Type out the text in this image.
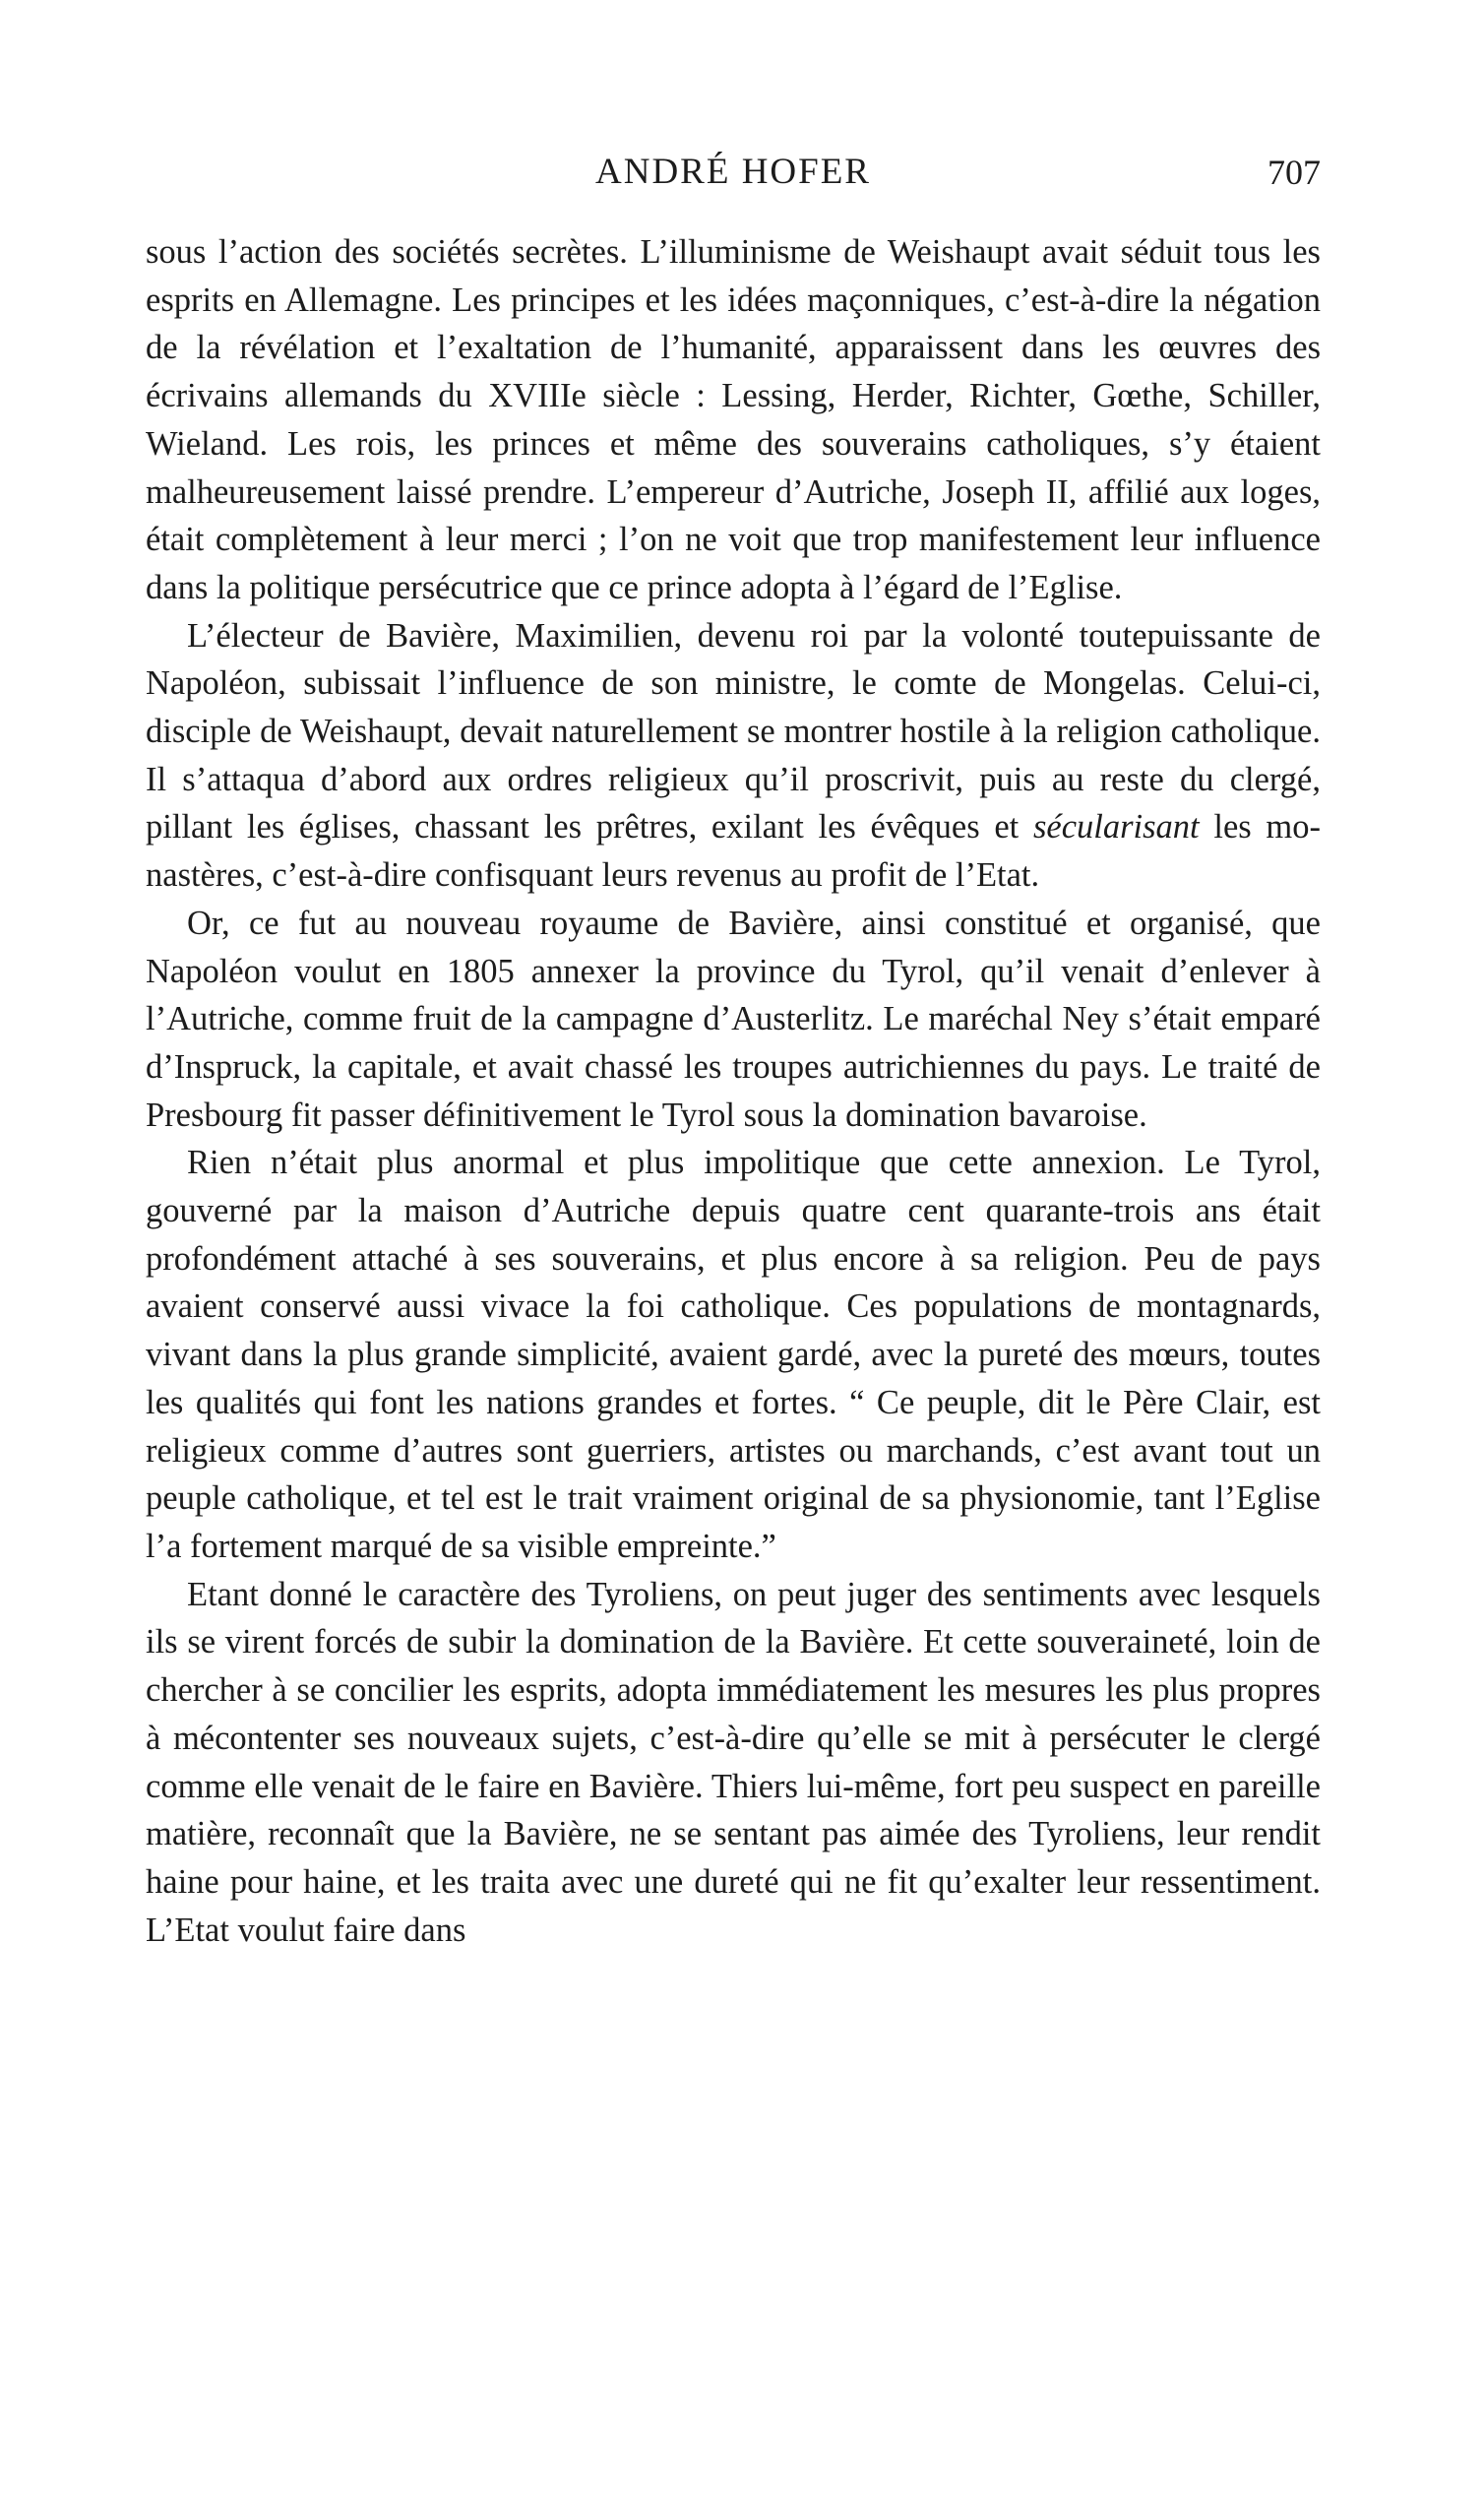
ANDRÉ HOFER	707

sous l’action des sociétés secrètes. L’illuminisme de Weishaupt avait séduit tous les esprits en Allemagne. Les principes et les idées maçonniques, c’est-à-dire la négation de la révélation et l’exaltation de l’humanité, apparaissent dans les œuvres des écrivains allemands du XVIIIe siècle : Lessing, Herder, Richter, Gœthe, Schiller, Wieland. Les rois, les princes et même des souverains catholiques, s’y étaient malheureusement laissé prendre. L’empereur d’Autriche, Joseph II, affilié aux loges, était complètement à leur merci ; l’on ne voit que trop manifestement leur influence dans la politique persécutrice que ce prince adopta à l’égard de l’Eglise.

L’électeur de Bavière, Maximilien, devenu roi par la volonté toutepuissante de Napoléon, subissait l’influence de son ministre, le comte de Mongelas. Celui-ci, disciple de Weishaupt, devait naturellement se montrer hostile à la religion catholique. Il s’attaqua d’abord aux ordres religieux qu’il proscrivit, puis au reste du clergé, pillant les églises, chassant les prêtres, exilant les évêques et sécularisant les monastères, c’est-à-dire confisquant leurs revenus au profit de l’Etat.

Or, ce fut au nouveau royaume de Bavière, ainsi constitué et organisé, que Napoléon voulut en 1805 annexer la province du Tyrol, qu’il venait d’enlever à l’Autriche, comme fruit de la campagne d’Austerlitz. Le maréchal Ney s’était emparé d’Inspruck, la capitale, et avait chassé les troupes autrichiennes du pays. Le traité de Presbourg fit passer définitivement le Tyrol sous la domination bavaroise.

Rien n’était plus anormal et plus impolitique que cette annexion. Le Tyrol, gouverné par la maison d’Autriche depuis quatre cent quarante-trois ans était profondément attaché à ses souverains, et plus encore à sa religion. Peu de pays avaient conservé aussi vivace la foi catholique. Ces populations de montagnards, vivant dans la plus grande simplicité, avaient gardé, avec la pureté des mœurs, toutes les qualités qui font les nations grandes et fortes. “ Ce peuple, dit le Père Clair, est religieux comme d’autres sont guerriers, artistes ou marchands, c’est avant tout un peuple catholique, et tel est le trait vraiment original de sa physionomie, tant l’Eglise l’a fortement marqué de sa visible empreinte.”

Etant donné le caractère des Tyroliens, on peut juger des sentiments avec lesquels ils se virent forcés de subir la domination de la Bavière. Et cette souveraineté, loin de chercher à se concilier les esprits, adopta immédiatement les mesures les plus propres à mécontenter ses nouveaux sujets, c’est-à-dire qu’elle se mit à persécuter le clergé comme elle venait de le faire en Bavière. Thiers lui-même, fort peu suspect en pareille matière, reconnaît que la Bavière, ne se sentant pas aimée des Tyroliens, leur rendit haine pour haine, et les traita avec une dureté qui ne fit qu’exalter leur ressentiment. L’Etat voulut faire dans
